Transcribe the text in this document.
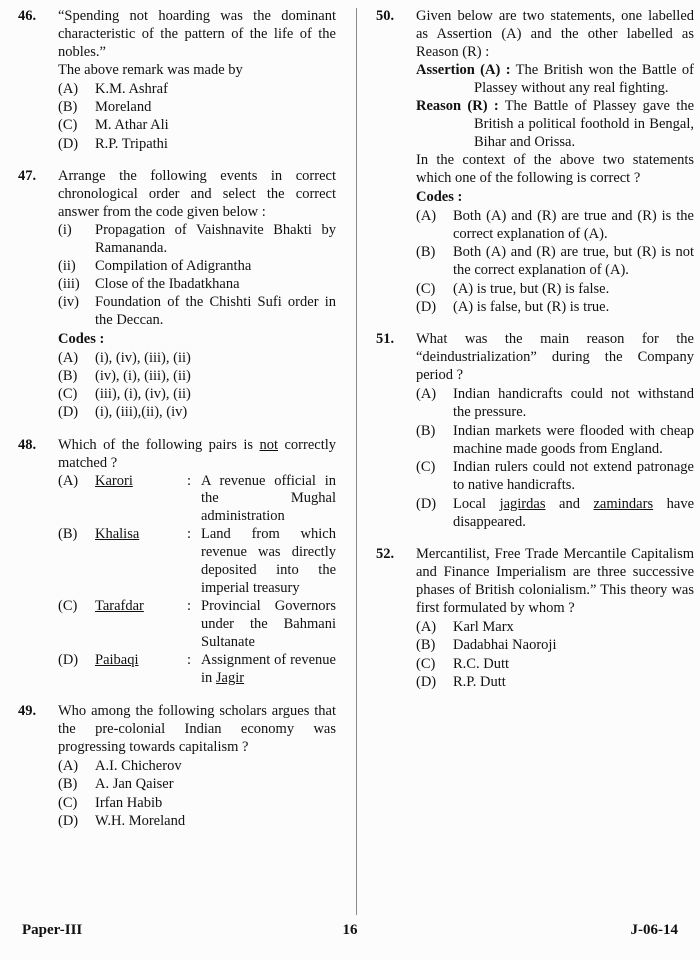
46. “Spending not hoarding was the dominant characteristic of the pattern of the life of the nobles.”
The above remark was made by
(A) K.M. Ashraf
(B) Moreland
(C) M. Athar Ali
(D) R.P. Tripathi
47. Arrange the following events in correct chronological order and select the correct answer from the code given below :
(i) Propagation of Vaishnavite Bhakti by Ramananda.
(ii) Compilation of Adigrantha
(iii) Close of the Ibadatkhana
(iv) Foundation of the Chishti Sufi order in the Deccan.
Codes :
(A) (i), (iv), (iii), (ii)
(B) (iv), (i), (iii), (ii)
(C) (iii), (i), (iv), (ii)
(D) (i), (iii),(ii), (iv)
48. Which of the following pairs is not correctly matched ?
(A) Karori	: A revenue official in the Mughal administration
(B) Khalisa	: Land from which revenue was directly deposited into the imperial treasury
(C) Tarafdar	: Provincial Governors under the Bahmani Sultanate
(D) Paibaqi	: Assignment of revenue in Jagir
49. Who among the following scholars argues that the pre-colonial Indian economy was progressing towards capitalism ?
(A) A.I. Chicherov
(B) A. Jan Qaiser
(C) Irfan Habib
(D) W.H. Moreland
50. Given below are two statements, one labelled as Assertion (A) and the other labelled as Reason (R) :
Assertion (A) : The British won the Battle of Plassey without any real fighting.
Reason (R) : The Battle of Plassey gave the British a political foothold in Bengal, Bihar and Orissa.
In the context of the above two statements which one of the following is correct ?
Codes :
(A) Both (A) and (R) are true and (R) is the correct explanation of (A).
(B) Both (A) and (R) are true, but (R) is not the correct explanation of (A).
(C) (A) is true, but (R) is false.
(D) (A) is false, but (R) is true.
51. What was the main reason for the “deindustrialization” during the Company period ?
(A) Indian handicrafts could not withstand the pressure.
(B) Indian markets were flooded with cheap machine made goods from England.
(C) Indian rulers could not extend patronage to native handicrafts.
(D) Local jagirdas and zamindars have disappeared.
52. Mercantilist, Free Trade Mercantile Capitalism and Finance Imperialism are three successive phases of British colonialism.” This theory was first formulated by whom ?
(A) Karl Marx
(B) Dadabhai Naoroji
(C) R.C. Dutt
(D) R.P. Dutt
Paper-III	16	J-06-14
